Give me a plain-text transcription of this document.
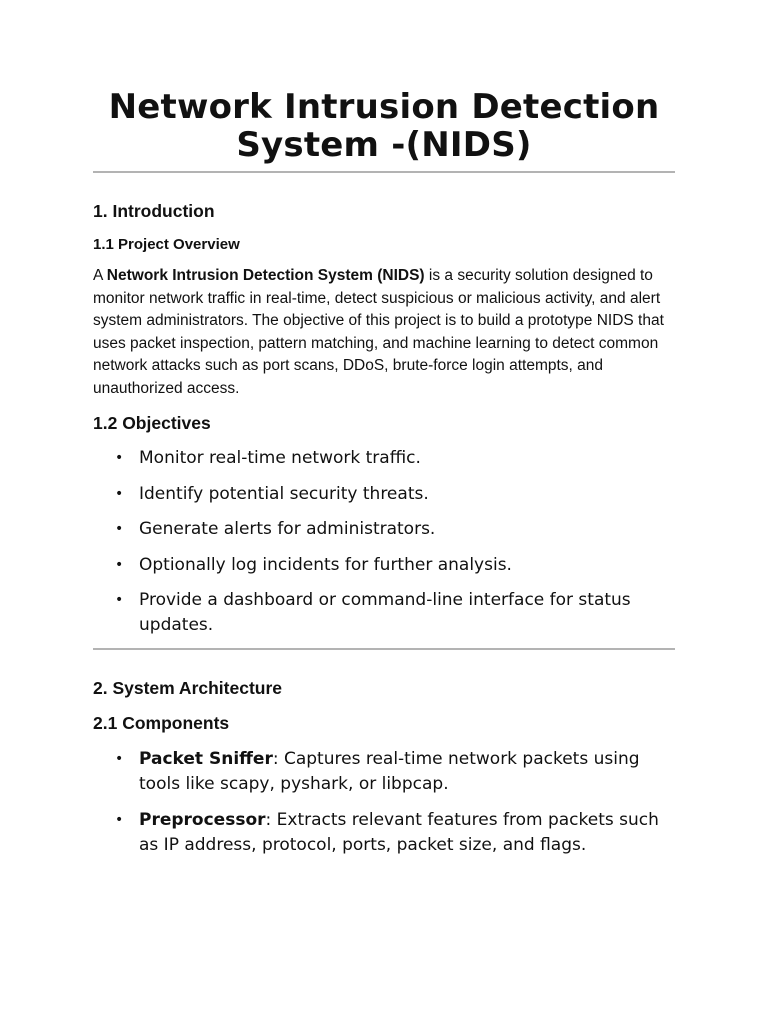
Network Intrusion Detection System -(NIDS)
1. Introduction
1.1 Project Overview
A Network Intrusion Detection System (NIDS) is a security solution designed to monitor network traffic in real-time, detect suspicious or malicious activity, and alert system administrators. The objective of this project is to build a prototype NIDS that uses packet inspection, pattern matching, and machine learning to detect common network attacks such as port scans, DDoS, brute-force login attempts, and unauthorized access.
1.2 Objectives
• Monitor real-time network traffic.
• Identify potential security threats.
• Generate alerts for administrators.
• Optionally log incidents for further analysis.
• Provide a dashboard or command-line interface for status updates.
2. System Architecture
2.1 Components
• Packet Sniffer: Captures real-time network packets using tools like scapy, pyshark, or libpcap.
• Preprocessor: Extracts relevant features from packets such as IP address, protocol, ports, packet size, and flags.
